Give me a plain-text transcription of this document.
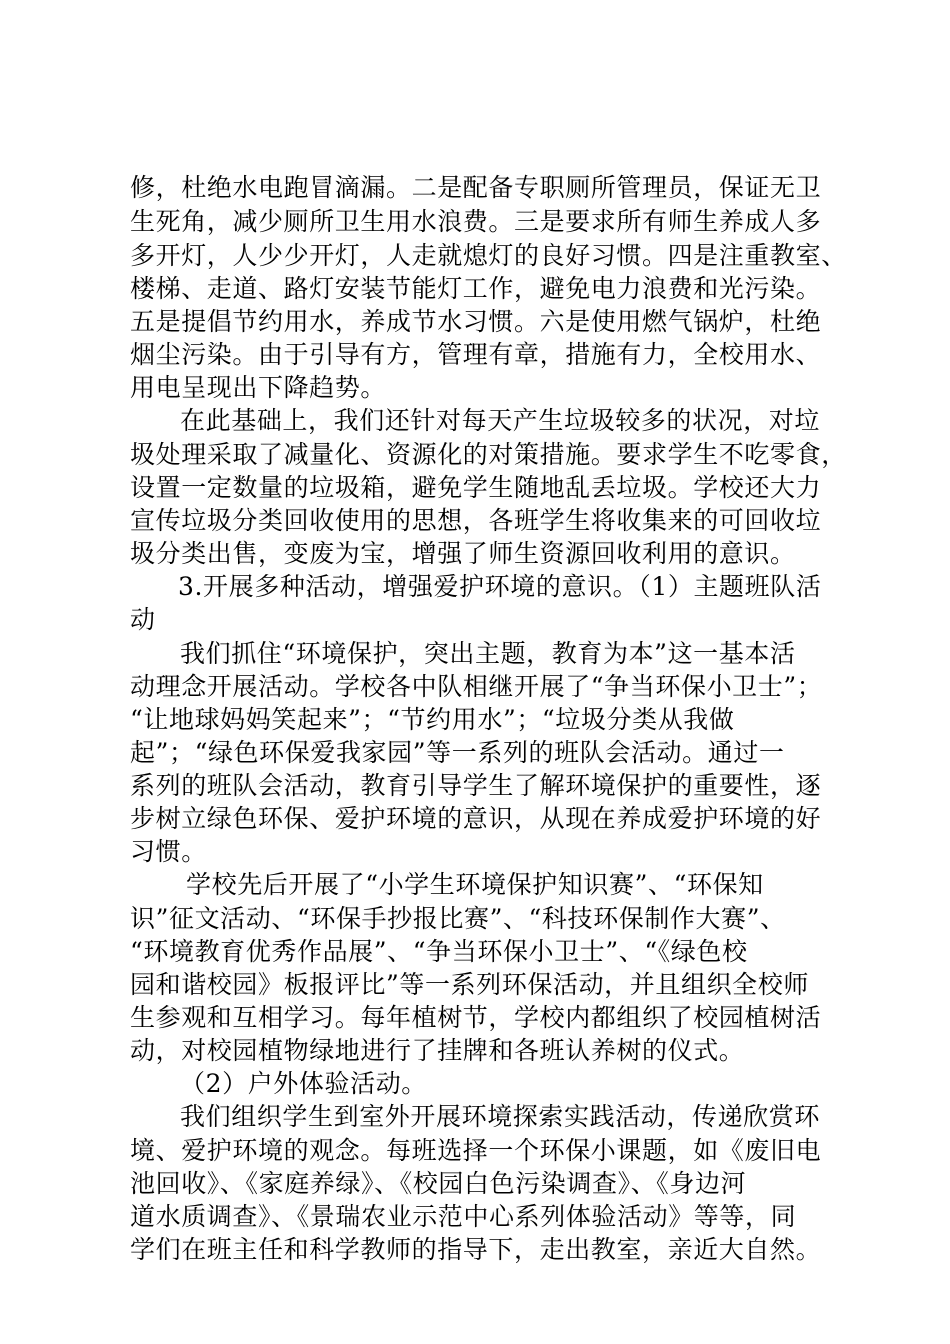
修，杜绝水电跑冒滴漏。二是配备专职厕所管理员，保证无卫
生死角，减少厕所卫生用水浪费。三是要求所有师生养成人多
多开灯，人少少开灯，人走就熄灯的良好习惯。四是注重教室、
楼梯、走道、路灯安装节能灯工作，避免电力浪费和光污染。
五是提倡节约用水，养成节水习惯。六是使用燃气锅炉，杜绝
烟尘污染。由于引导有方，管理有章，措施有力，全校用水、
用电呈现出下降趋势。
在此基础上，我们还针对每天产生垃圾较多的状况，对垃
圾处理采取了减量化、资源化的对策措施。要求学生不吃零食，
设置一定数量的垃圾箱，避免学生随地乱丢垃圾。学校还大力
宣传垃圾分类回收使用的思想，各班学生将收集来的可回收垃
圾分类出售，变废为宝，增强了师生资源回收利用的意识。
3.开展多种活动，增强爱护环境的意识。（1）主题班队活
动
我们抓住“环境保护，突出主题，教育为本”这一基本活
动理念开展活动。学校各中队相继开展了“争当环保小卫士”；
“让地球妈妈笑起来”；“节约用水”；“垃圾分类从我做
起”；“绿色环保爱我家园”等一系列的班队会活动。通过一
系列的班队会活动，教育引导学生了解环境保护的重要性，逐
步树立绿色环保、爱护环境的意识，从现在养成爱护环境的好
习惯。
学校先后开展了“小学生环境保护知识赛”、“环保知
识”征文活动、“环保手抄报比赛”、“科技环保制作大赛”、
“环境教育优秀作品展”、“争当环保小卫士”、“《绿色校
园和谐校园》板报评比”等一系列环保活动，并且组织全校师
生参观和互相学习。每年植树节，学校内都组织了校园植树活
动，对校园植物绿地进行了挂牌和各班认养树的仪式。
（2）户外体验活动。
我们组织学生到室外开展环境探索实践活动，传递欣赏环
境、爱护环境的观念。每班选择一个环保小课题，如《废旧电
池回收》、《家庭养绿》、《校园白色污染调查》、《身边河
道水质调查》、《景瑞农业示范中心系列体验活动》等等，同
学们在班主任和科学教师的指导下，走出教室，亲近大自然。
